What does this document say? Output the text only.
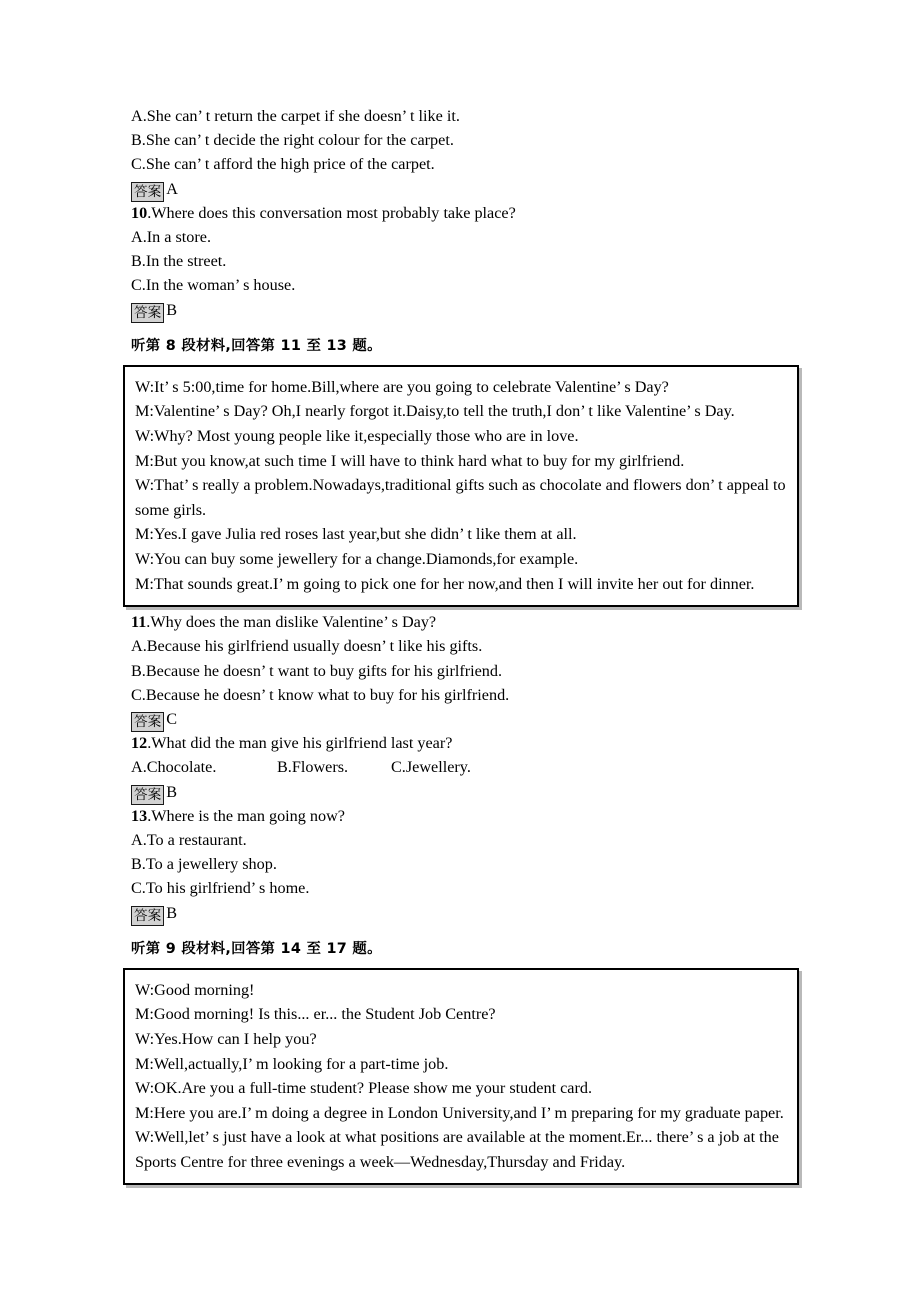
A.She can’ t return the carpet if she doesn’ t like it.
B.She can’ t decide the right colour for the carpet.
C.She can’ t afford the high price of the carpet.
答案 A
10.Where does this conversation most probably take place?
A.In a store.
B.In the street.
C.In the woman’ s house.
答案 B
听第 8 段材料,回答第 11 至 13 题。
W:It’ s 5:00,time for home.Bill,where are you going to celebrate Valentine’ s Day?
M:Valentine’ s Day? Oh,I nearly forgot it.Daisy,to tell the truth,I don’ t like Valentine’ s Day.
W:Why? Most young people like it,especially those who are in love.
M:But you know,at such time I will have to think hard what to buy for my girlfriend.
W:That’ s really a problem.Nowadays,traditional gifts such as chocolate and flowers don’ t appeal to some girls.
M:Yes.I gave Julia red roses last year,but she didn’ t like them at all.
W:You can buy some jewellery for a change.Diamonds,for example.
M:That sounds great.I’ m going to pick one for her now,and then I will invite her out for dinner.
11.Why does the man dislike Valentine’ s Day?
A.Because his girlfriend usually doesn’ t like his gifts.
B.Because he doesn’ t want to buy gifts for his girlfriend.
C.Because he doesn’ t know what to buy for his girlfriend.
答案 C
12.What did the man give his girlfriend last year?
A.Chocolate.	B.Flowers.	C.Jewellery.
答案 B
13.Where is the man going now?
A.To a restaurant.
B.To a jewellery shop.
C.To his girlfriend’ s home.
答案 B
听第 9 段材料,回答第 14 至 17 题。
W:Good morning!
M:Good morning! Is this... er... the Student Job Centre?
W:Yes.How can I help you?
M:Well,actually,I’ m looking for a part-time job.
W:OK.Are you a full-time student? Please show me your student card.
M:Here you are.I’ m doing a degree in London University,and I’ m preparing for my graduate paper.
W:Well,let’ s just have a look at what positions are available at the moment.Er... there’ s a job at the Sports Centre for three evenings a week—Wednesday,Thursday and Friday.
